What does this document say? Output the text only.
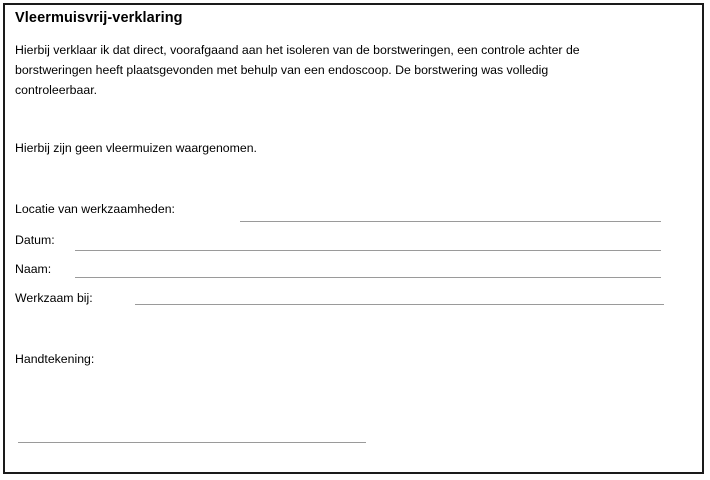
Vleermuisvrij-verklaring
Hierbij verklaar ik dat direct, voorafgaand aan het isoleren van de borstweringen, een controle achter de
borstweringen heeft plaatsgevonden met behulp van een endoscoop. De borstwering was volledig
controleerbaar.
Hierbij zijn geen vleermuizen waargenomen.
Locatie van werkzaamheden:
Datum:
Naam:
Werkzaam bij:
Handtekening:
